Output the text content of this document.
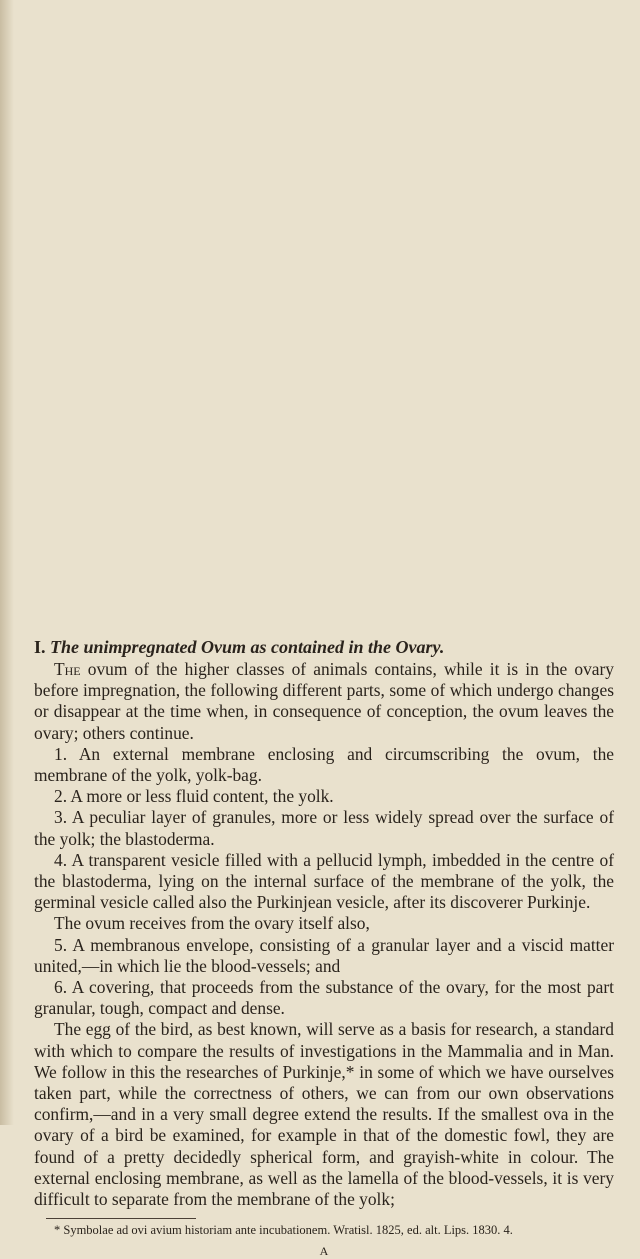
I. The unimpregnated Ovum as contained in the Ovary.

The ovum of the higher classes of animals contains, while it is in the ovary before impregnation, the following different parts, some of which undergo changes or disappear at the time when, in consequence of conception, the ovum leaves the ovary; others continue.

1. An external membrane enclosing and circumscribing the ovum, the membrane of the yolk, yolk-bag.

2. A more or less fluid content, the yolk.

3. A peculiar layer of granules, more or less widely spread over the surface of the yolk; the blastoderma.

4. A transparent vesicle filled with a pellucid lymph, imbedded in the centre of the blastoderma, lying on the internal surface of the membrane of the yolk, the germinal vesicle called also the Purkinjean vesicle, after its discoverer Purkinje.

The ovum receives from the ovary itself also,

5. A membranous envelope, consisting of a granular layer and a viscid matter united,—in which lie the blood-vessels; and

6. A covering, that proceeds from the substance of the ovary, for the most part granular, tough, compact and dense.

The egg of the bird, as best known, will serve as a basis for research, a standard with which to compare the results of investigations in the Mammalia and in Man. We follow in this the researches of Purkinje,* in some of which we have ourselves taken part, while the correctness of others, we can from our own observations confirm,—and in a very small degree extend the results. If the smallest ova in the ovary of a bird be examined, for example in that of the domestic fowl, they are found of a pretty decidedly spherical form, and grayish-white in colour. The external enclosing membrane, as well as the lamella of the blood-vessels, it is very difficult to separate from the membrane of the yolk;

* Symbolae ad ovi avium historiam ante incubationem. Wratisl. 1825, ed. alt. Lips. 1830. 4.

A
